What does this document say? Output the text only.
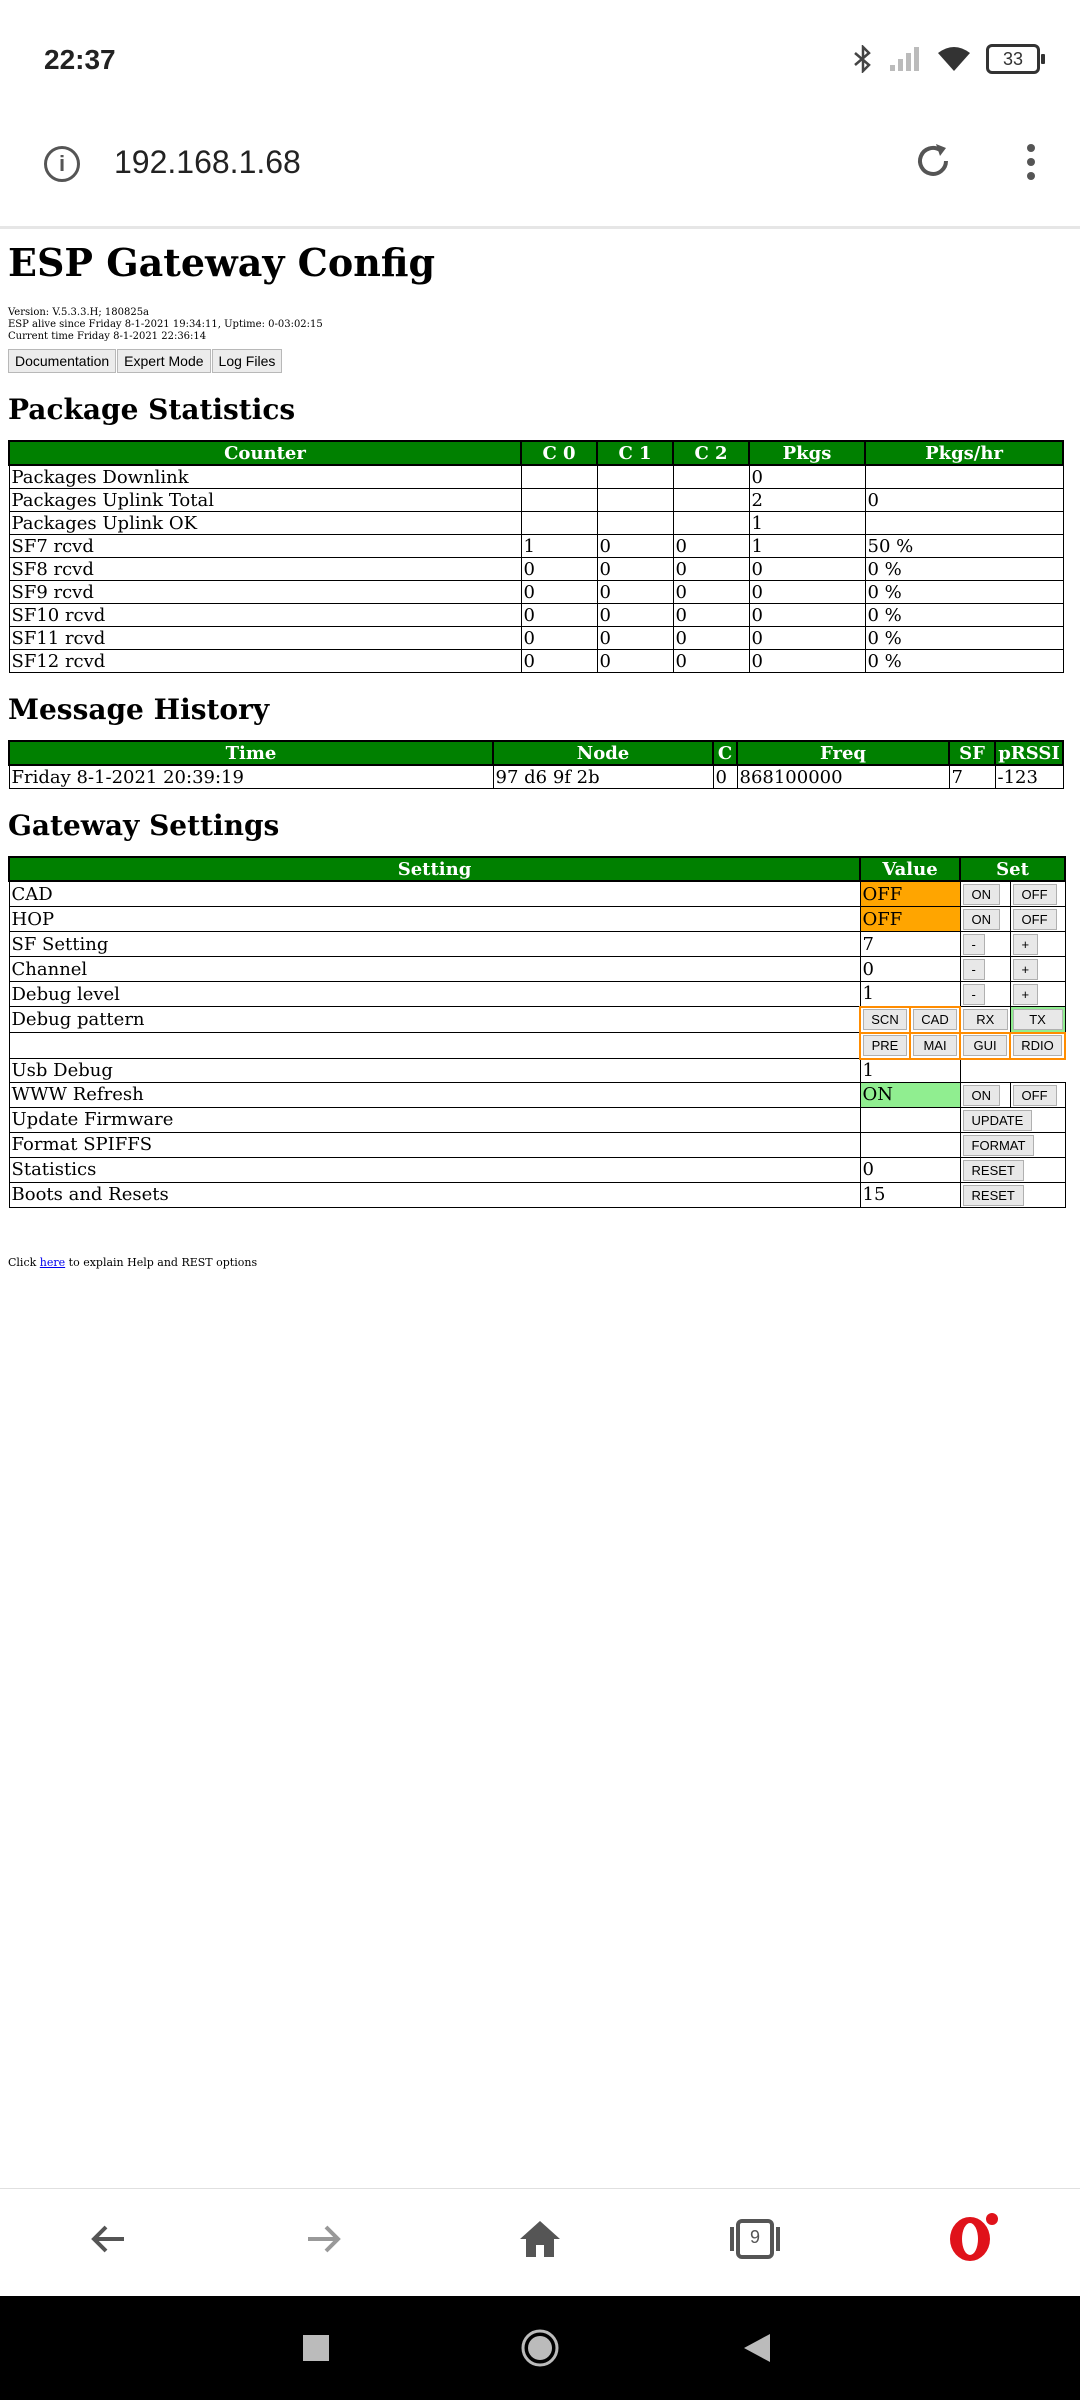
22:37	33
i	192.168.1.68
ESP Gateway Config
Version: V.5.3.3.H; 180825a
ESP alive since Friday 8-1-2021 19:34:11, Uptime: 0-03:02:15
Current time Friday 8-1-2021 22:36:14
Documentation	Expert Mode	Log Files
Package Statistics
Counter	C 0	C 1	C 2	Pkgs	Pkgs/hr
Packages Downlink				0	
Packages Uplink Total				2	0
Packages Uplink OK				1	
SF7 rcvd	1	0	0	1	50 %
SF8 rcvd	0	0	0	0	0 %
SF9 rcvd	0	0	0	0	0 %
SF10 rcvd	0	0	0	0	0 %
SF11 rcvd	0	0	0	0	0 %
SF12 rcvd	0	0	0	0	0 %
Message History
Time	Node	C	Freq	SF	pRSSI
Friday 8-1-2021 20:39:19	97 d6 9f 2b	0	868100000	7	-123
Gateway Settings
Setting	Value		Set	
CAD	OFF		ON	OFF
HOP	OFF		ON	OFF
SF Setting	7		-	+
Channel	0		-	+
Debug level	1		-	+
Debug pattern	SCN	CAD	RX	TX

	PRE	MAI	GUI	RDIO

Usb Debug	1			
WWW Refresh	ON		ON	OFF
Update Firmware			UPDATE	
Format SPIFFS			FORMAT	
Statistics	0		RESET	
Boots and Resets	15		RESET	
Click here to explain Help and REST options
9
